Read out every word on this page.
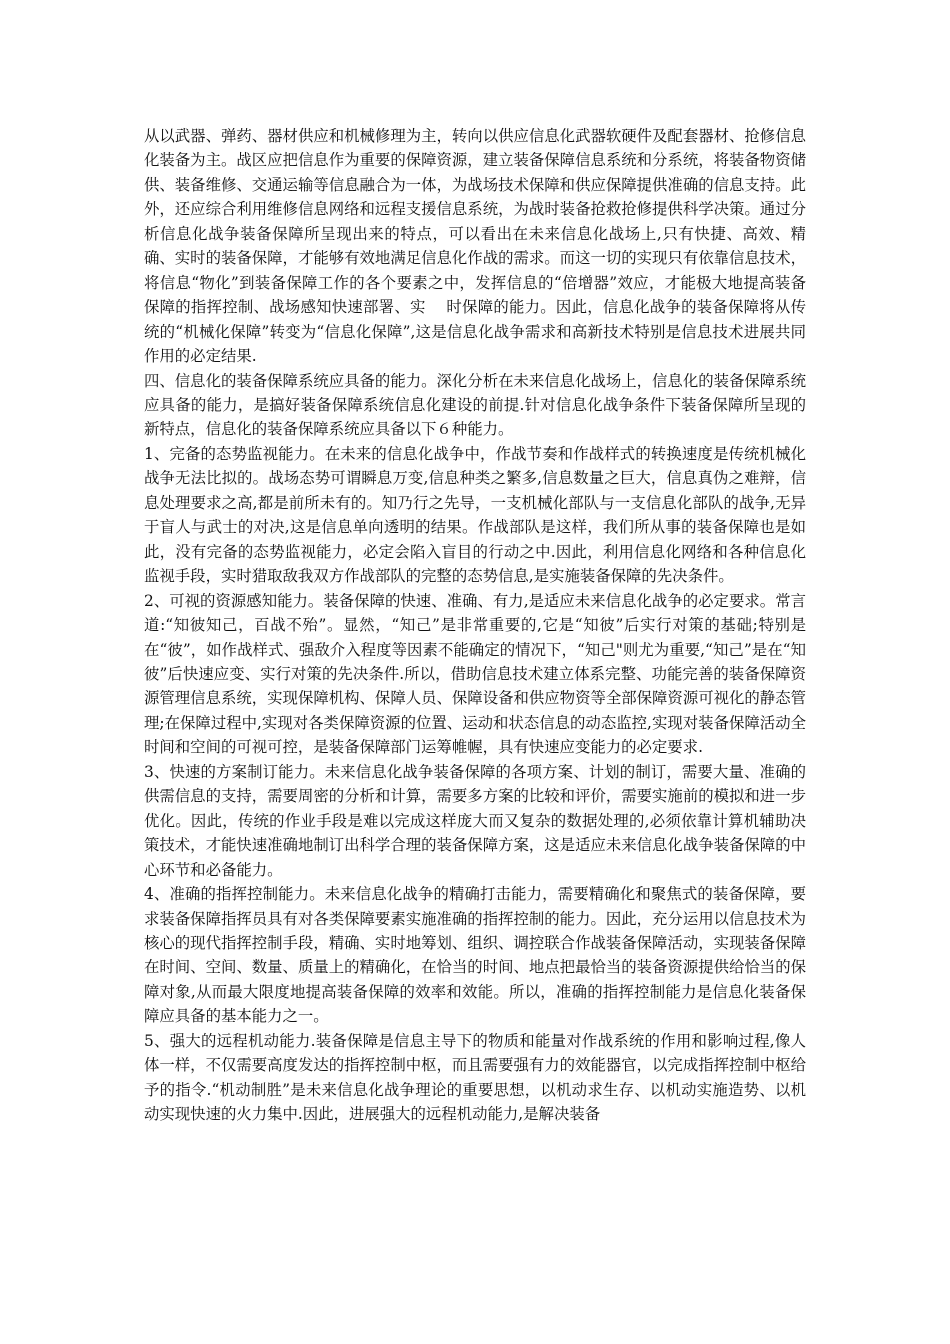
从以武器、弹药、器材供应和机械修理为主，转向以供应信息化武器软硬件及配套器材、抢修信息化装备为主。战区应把信息作为重要的保障资源，建立装备保障信息系统和分系统，将装备物资储供、装备维修、交通运输等信息融合为一体，为战场技术保障和供应保障提供准确的信息支持。此外，还应综合利用维修信息网络和远程支援信息系统，为战时装备抢救抢修提供科学决策。通过分析信息化战争装备保障所呈现出来的特点，可以看出在未来信息化战场上,只有快捷、高效、精确、实时的装备保障，才能够有效地满足信息化作战的需求。而这一切的实现只有依靠信息技术，将信息“物化”到装备保障工作的各个要素之中，发挥信息的“倍增器”效应，才能极大地提高装备保障的指挥控制、战场感知快速部署、实　 时保障的能力。因此，信息化战争的装备保障将从传统的“机械化保障”转变为“信息化保障”,这是信息化战争需求和高新技术特别是信息技术进展共同作用的必定结果.

四、信息化的装备保障系统应具备的能力。深化分析在未来信息化战场上，信息化的装备保障系统应具备的能力，是搞好装备保障系统信息化建设的前提.针对信息化战争条件下装备保障所呈现的新特点，信息化的装备保障系统应具备以下６种能力。

1、完备的态势监视能力。在未来的信息化战争中，作战节奏和作战样式的转换速度是传统机械化战争无法比拟的。战场态势可谓瞬息万变,信息种类之繁多,信息数量之巨大，信息真伪之难辩，信息处理要求之高,都是前所未有的。知乃行之先导，一支机械化部队与一支信息化部队的战争,无异于盲人与武士的对决,这是信息单向透明的结果。作战部队是这样，我们所从事的装备保障也是如此，没有完备的态势监视能力，必定会陷入盲目的行动之中.因此，利用信息化网络和各种信息化监视手段，实时猎取敌我双方作战部队的完整的态势信息,是实施装备保障的先决条件。

2、可视的资源感知能力。装备保障的快速、准确、有力,是适应未来信息化战争的必定要求。常言道:“知彼知己，百战不殆”。显然，“知己”是非常重要的,它是“知彼”后实行对策的基础;特别是在“彼”，如作战样式、强敌介入程度等因素不能确定的情况下，“知己"则尤为重要,“知己”是在“知彼”后快速应变、实行对策的先决条件.所以，借助信息技术建立体系完整、功能完善的装备保障资源管理信息系统，实现保障机构、保障人员、保障设备和供应物资等全部保障资源可视化的静态管理;在保障过程中,实现对各类保障资源的位置、运动和状态信息的动态监控,实现对装备保障活动全时间和空间的可视可控，是装备保障部门运筹帷幄，具有快速应变能力的必定要求.

3、快速的方案制订能力。未来信息化战争装备保障的各项方案、计划的制订，需要大量、准确的供需信息的支持，需要周密的分析和计算，需要多方案的比较和评价，需要实施前的模拟和进一步优化。因此，传统的作业手段是难以完成这样庞大而又复杂的数据处理的,必须依靠计算机辅助决策技术，才能快速准确地制订出科学合理的装备保障方案，这是适应未来信息化战争装备保障的中心环节和必备能力。

4、准确的指挥控制能力。未来信息化战争的精确打击能力，需要精确化和聚焦式的装备保障，要求装备保障指挥员具有对各类保障要素实施准确的指挥控制的能力。因此，充分运用以信息技术为核心的现代指挥控制手段，精确、实时地筹划、组织、调控联合作战装备保障活动，实现装备保障在时间、空间、数量、质量上的精确化，在恰当的时间、地点把最恰当的装备资源提供给恰当的保障对象,从而最大限度地提高装备保障的效率和效能。所以，准确的指挥控制能力是信息化装备保障应具备的基本能力之一。

5、强大的远程机动能力.装备保障是信息主导下的物质和能量对作战系统的作用和影响过程,像人体一样，不仅需要高度发达的指挥控制中枢，而且需要强有力的效能器官，以完成指挥控制中枢给予的指令.“机动制胜”是未来信息化战争理论的重要思想，以机动求生存、以机动实施造势、以机动实现快速的火力集中.因此，进展强大的远程机动能力,是解决装备
